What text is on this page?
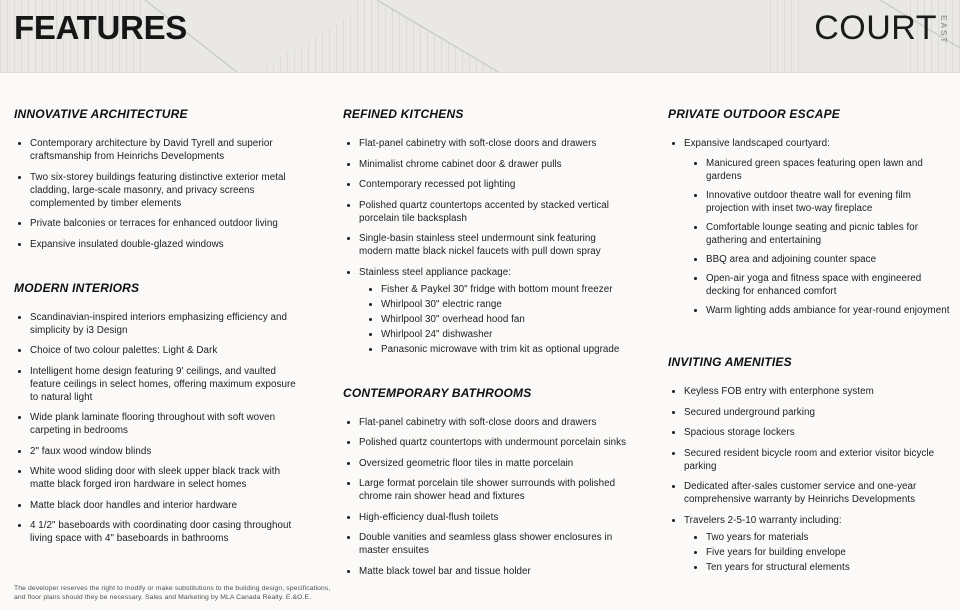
FEATURES	COURT EAST
INNOVATIVE ARCHITECTURE
• Contemporary architecture by David Tyrell and superior craftsmanship from Heinrichs Developments
• Two six-storey buildings featuring distinctive exterior metal cladding, large-scale masonry, and privacy screens complemented by timber elements
• Private balconies or terraces for enhanced outdoor living
• Expansive insulated double-glazed windows
MODERN INTERIORS
• Scandinavian-inspired interiors emphasizing efficiency and simplicity by i3 Design
• Choice of two colour palettes: Light & Dark
• Intelligent home design featuring 9' ceilings, and vaulted feature ceilings in select homes, offering maximum exposure to natural light
• Wide plank laminate flooring throughout with soft woven carpeting in bedrooms
• 2" faux wood window blinds
• White wood sliding door with sleek upper black track with matte black forged iron hardware in select homes
• Matte black door handles and interior hardware
• 4 1/2" baseboards with coordinating door casing throughout living space with 4" baseboards in bathrooms
REFINED KITCHENS
• Flat-panel cabinetry with soft-close doors and drawers
• Minimalist chrome cabinet door & drawer pulls
• Contemporary recessed pot lighting
• Polished quartz countertops accented by stacked vertical porcelain tile backsplash
• Single-basin stainless steel undermount sink featuring modern matte black nickel faucets with pull down spray
• Stainless steel appliance package:
• Fisher & Paykel 30" fridge with bottom mount freezer
• Whirlpool 30" electric range
• Whirlpool 30" overhead hood fan
• Whirlpool 24" dishwasher
• Panasonic microwave with trim kit as optional upgrade
CONTEMPORARY BATHROOMS
• Flat-panel cabinetry with soft-close doors and drawers
• Polished quartz countertops with undermount porcelain sinks
• Oversized geometric floor tiles in matte porcelain
• Large format porcelain tile shower surrounds with polished chrome rain shower head and fixtures
• High-efficiency dual-flush toilets
• Double vanities and seamless glass shower enclosures in master ensuites
• Matte black towel bar and tissue holder
PRIVATE OUTDOOR ESCAPE
• Expansive landscaped courtyard:
• Manicured green spaces featuring open lawn and gardens
• Innovative outdoor theatre wall for evening film projection with inset two-way fireplace
• Comfortable lounge seating and picnic tables for gathering and entertaining
• BBQ area and adjoining counter space
• Open-air yoga and fitness space with engineered decking for enhanced comfort
• Warm lighting adds ambiance for year-round enjoyment
INVITING AMENITIES
• Keyless FOB entry with enterphone system
• Secured underground parking
• Spacious storage lockers
• Secured resident bicycle room and exterior visitor bicycle parking
• Dedicated after-sales customer service and one-year comprehensive warranty by Heinrichs Developments
• Travelers 2-5-10 warranty including:
• Two years for materials
• Five years for building envelope
• Ten years for structural elements
The developer reserves the right to modify or make substitutions to the building design, specifications,
and floor plans should they be necessary. Sales and Marketing by MLA Canada Realty. E.&O.E.
